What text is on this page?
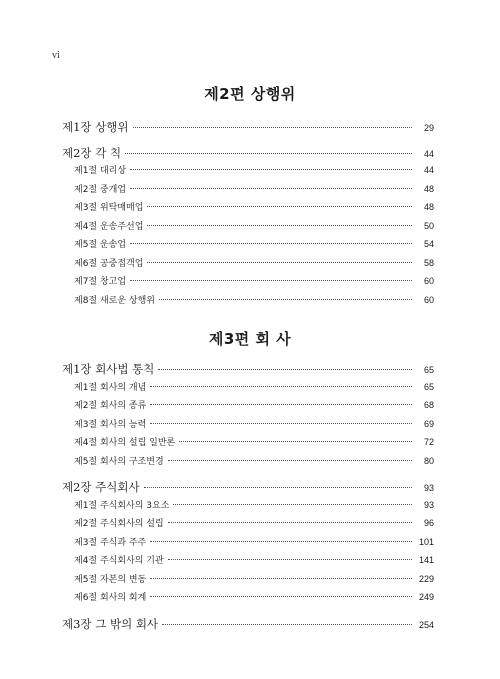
vi
제2편 상행위
제1장 상행위	29
제2장 각 칙	44
제1절 대리상	44
제2절 중개업	48
제3절 위탁매매업	48
제4절 운송주선업	50
제5절 운송업	54
제6절 공중접객업	58
제7절 창고업	60
제8절 새로운 상행위	60
제3편 회 사
제1장 회사법 통칙	65
제1절 회사의 개념	65
제2절 회사의 종류	68
제3절 회사의 능력	69
제4절 회사의 설립 일반론	72
제5절 회사의 구조변경	80
제2장 주식회사	93
제1절 주식회사의 3요소	93
제2절 주식회사의 설립	96
제3절 주식과 주주	101
제4절 주식회사의 기관	141
제5절 자본의 변동	229
제6절 회사의 회계	249
제3장 그 밖의 회사	254
